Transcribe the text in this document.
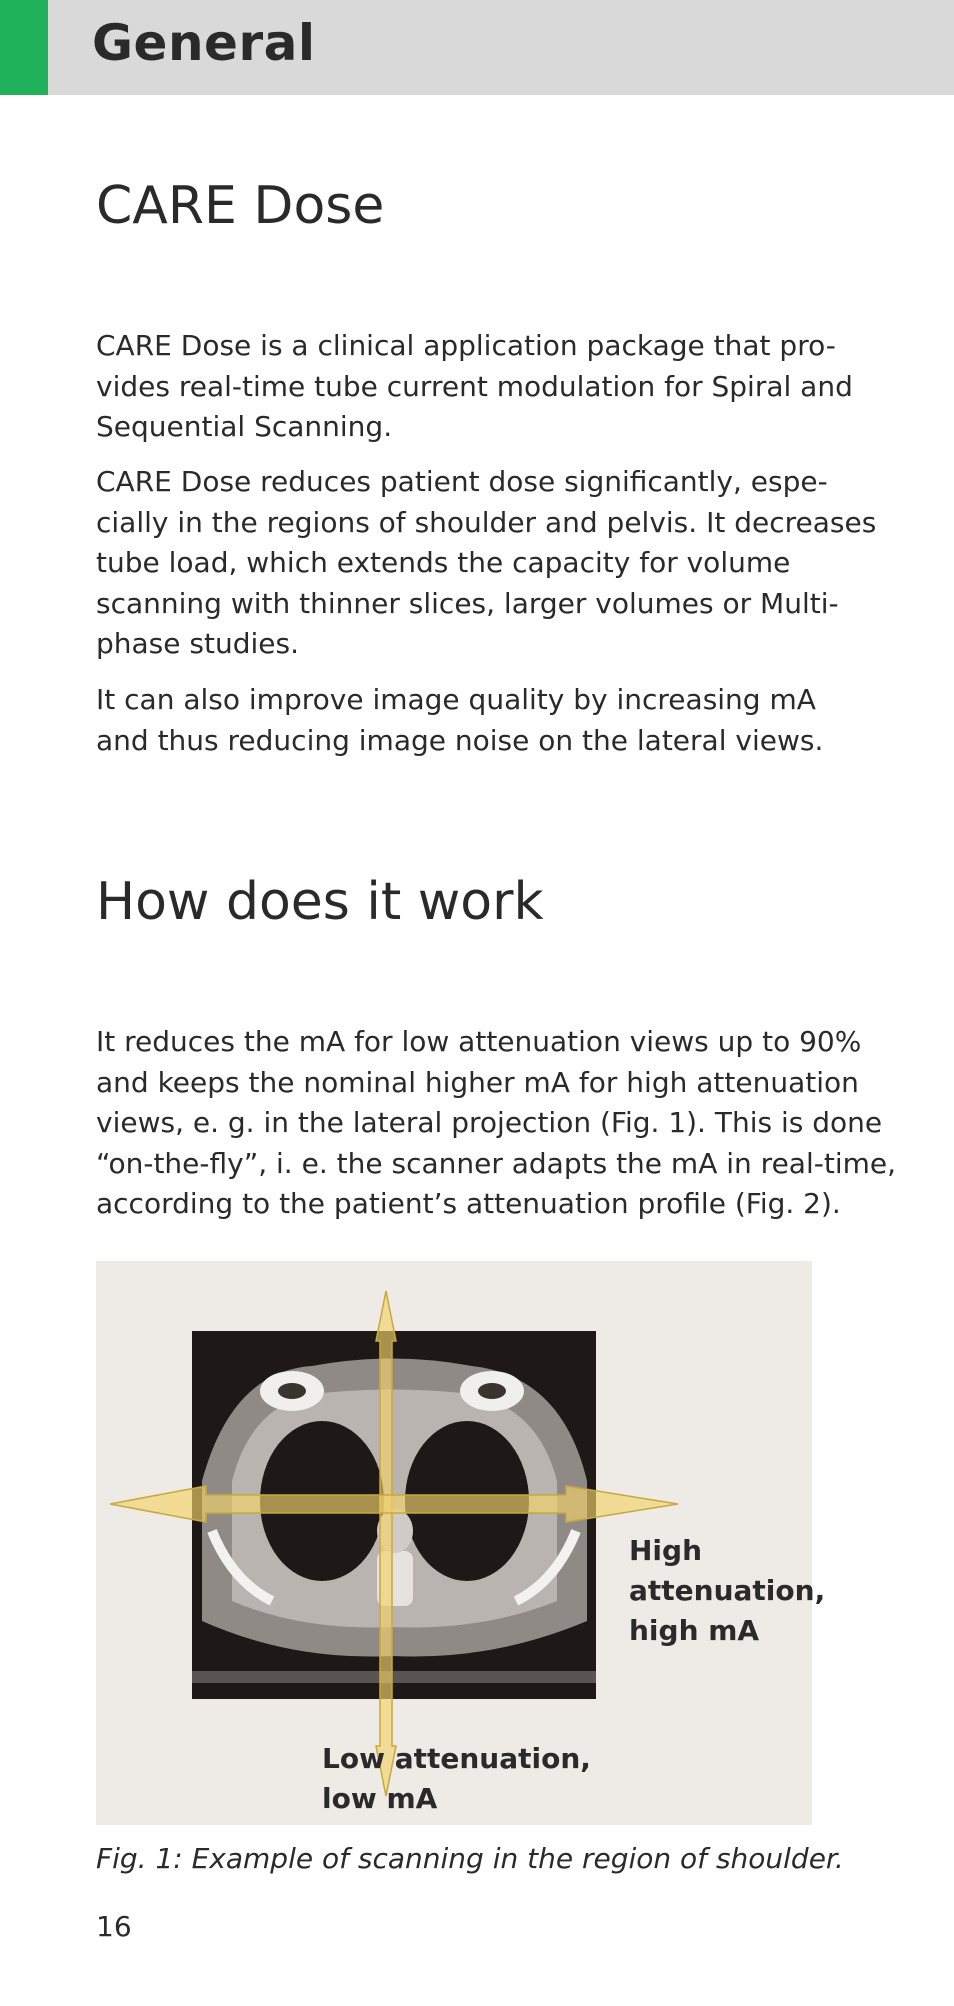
General
CARE Dose

CARE Dose is a clinical application package that pro-
vides real-time tube current modulation for Spiral and
Sequential Scanning.

CARE Dose reduces patient dose significantly, espe-
cially in the regions of shoulder and pelvis. It decreases
tube load, which extends the capacity for volume
scanning with thinner slices, larger volumes or Multi-
phase studies.

It can also improve image quality by increasing mA
and thus reducing image noise on the lateral views.

How does it work

It reduces the mA for low attenuation views up to 90%
and keeps the nominal higher mA for high attenuation
views, e. g. in the lateral projection (Fig. 1). This is done
“on-the-fly”, i. e. the scanner adapts the mA in real-time,
according to the patient’s attenuation profile (Fig. 2).

High
attenuation,
high mA
Low attenuation,
low mA
Fig. 1: Example of scanning in the region of shoulder.
16
